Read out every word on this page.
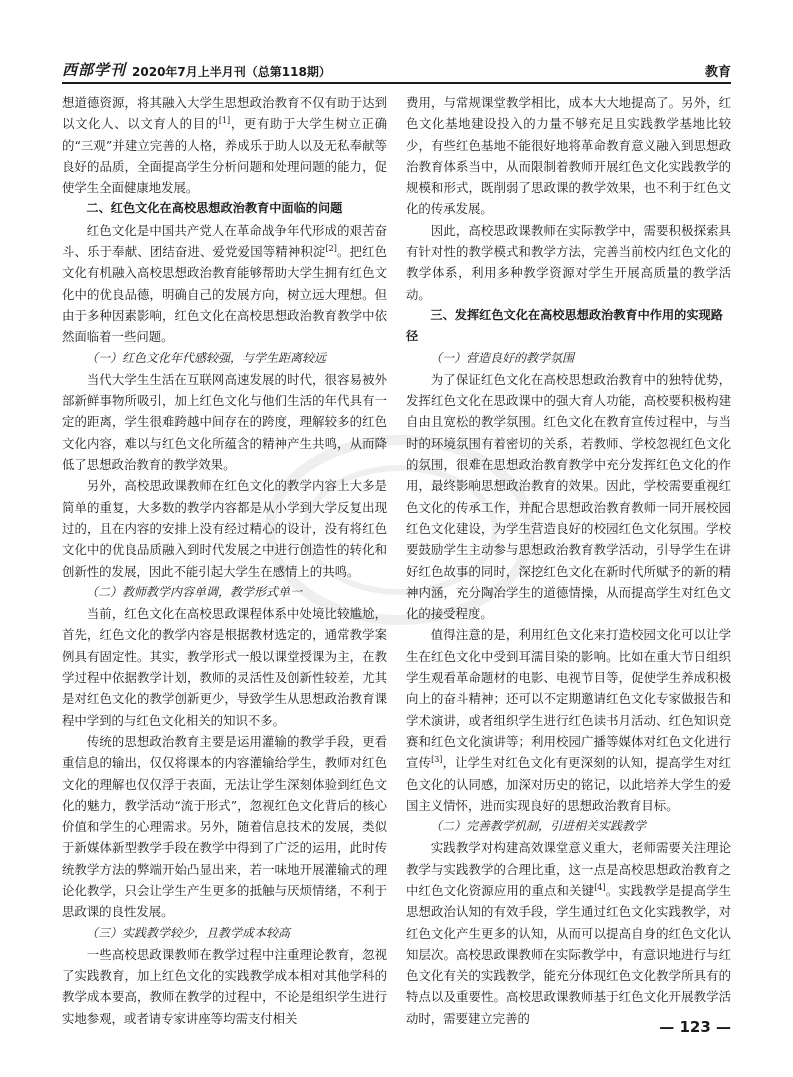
西部学刊 2020年7月上半月刊（总第118期）	教育

想道德资源，将其融入大学生思想政治教育不仅有助于达到以文化人、以文育人的目的[1]，更有助于大学生树立正确的“三观”并建立完善的人格，养成乐于助人以及无私奉献等良好的品质，全面提高学生分析问题和处理问题的能力，促使学生全面健康地发展。

二、红色文化在高校思想政治教育中面临的问题

红色文化是中国共产党人在革命战争年代形成的艰苦奋斗、乐于奉献、团结奋进、爱党爱国等精神积淀[2]。把红色文化有机融入高校思想政治教育能够帮助大学生拥有红色文化中的优良品德，明确自己的发展方向，树立远大理想。但由于多种因素影响，红色文化在高校思想政治教育教学中依然面临着一些问题。

（一）红色文化年代感较强，与学生距离较远

当代大学生生活在互联网高速发展的时代，很容易被外部新鲜事物所吸引，加上红色文化与他们生活的年代具有一定的距离，学生很难跨越中间存在的跨度，理解较多的红色文化内容，难以与红色文化所蕴含的精神产生共鸣，从而降低了思想政治教育的教学效果。

另外，高校思政课教师在红色文化的教学内容上大多是简单的重复，大多数的教学内容都是从小学到大学反复出现过的，且在内容的安排上没有经过精心的设计，没有将红色文化中的优良品质融入到时代发展之中进行创造性的转化和创新性的发展，因此不能引起大学生在感情上的共鸣。

（二）教师教学内容单调，教学形式单一

当前，红色文化在高校思政课程体系中处境比较尴尬，首先，红色文化的教学内容是根据教材选定的，通常教学案例具有固定性。其实，教学形式一般以课堂授课为主，在教学过程中依据教学计划，教师的灵活性及创新性较差，尤其是对红色文化的教学创新更少，导致学生从思想政治教育课程中学到的与红色文化相关的知识不多。

传统的思想政治教育主要是运用灌输的教学手段，更看重信息的输出，仅仅将课本的内容灌输给学生，教师对红色文化的理解也仅仅浮于表面，无法让学生深刻体验到红色文化的魅力，教学活动“流于形式”，忽视红色文化背后的核心价值和学生的心理需求。另外，随着信息技术的发展，类似于新媒体新型教学手段在教学中得到了广泛的运用，此时传统教学方法的弊端开始凸显出来，若一味地开展灌输式的理论化教学，只会让学生产生更多的抵触与厌烦情绪，不利于思政课的良性发展。

（三）实践教学较少，且教学成本较高

一些高校思政课教师在教学过程中注重理论教育，忽视了实践教育，加上红色文化的实践教学成本相对其他学科的教学成本要高，教师在教学的过程中，不论是组织学生进行实地参观，或者请专家讲座等均需支付相关

费用，与常规课堂教学相比，成本大大地提高了。另外，红色文化基地建设投入的力量不够充足且实践教学基地比较少，有些红色基地不能很好地将革命教育意义融入到思想政治教育体系当中，从而限制着教师开展红色文化实践教学的规模和形式，既削弱了思政课的教学效果，也不利于红色文化的传承发展。

因此，高校思政课教师在实际教学中，需要积极探索具有针对性的教学模式和教学方法，完善当前校内红色文化的教学体系，利用多种教学资源对学生开展高质量的教学活动。

三、发挥红色文化在高校思想政治教育中作用的实现路径
（一）营造良好的教学氛围

为了保证红色文化在高校思想政治教育中的独特优势，发挥红色文化在思政课中的强大育人功能，高校要积极构建自由且宽松的教学氛围。红色文化在教育宣传过程中，与当时的环境氛围有着密切的关系，若教师、学校忽视红色文化的氛围，很难在思想政治教育教学中充分发挥红色文化的作用，最终影响思想政治教育的效果。因此，学校需要重视红色文化的传承工作，并配合思想政治教育教师一同开展校园红色文化建设，为学生营造良好的校园红色文化氛围。学校要鼓励学生主动参与思想政治教育教学活动，引导学生在讲好红色故事的同时，深挖红色文化在新时代所赋予的新的精神内涵，充分陶冶学生的道德情操，从而提高学生对红色文化的接受程度。

值得注意的是，利用红色文化来打造校园文化可以让学生在红色文化中受到耳濡目染的影响。比如在重大节日组织学生观看革命题材的电影、电视节目等，促使学生养成积极向上的奋斗精神；还可以不定期邀请红色文化专家做报告和学术演讲，或者组织学生进行红色读书月活动、红色知识竞赛和红色文化演讲等；利用校园广播等媒体对红色文化进行宣传[3]，让学生对红色文化有更深刻的认知，提高学生对红色文化的认同感，加深对历史的铭记，以此培养大学生的爱国主义情怀，进而实现良好的思想政治教育目标。

（二）完善教学机制，引进相关实践教学

实践教学对构建高效课堂意义重大，老师需要关注理论教学与实践教学的合理比重，这一点是高校思想政治教育之中红色文化资源应用的重点和关键[4]。实践教学是提高学生思想政治认知的有效手段，学生通过红色文化实践教学，对红色文化产生更多的认知，从而可以提高自身的红色文化认知层次。高校思政课教师在实际教学中，有意识地进行与红色文化有关的实践教学，能充分体现红色文化教学所具有的特点以及重要性。高校思政课教师基于红色文化开展教学活动时，需要建立完善的	— 123 —
